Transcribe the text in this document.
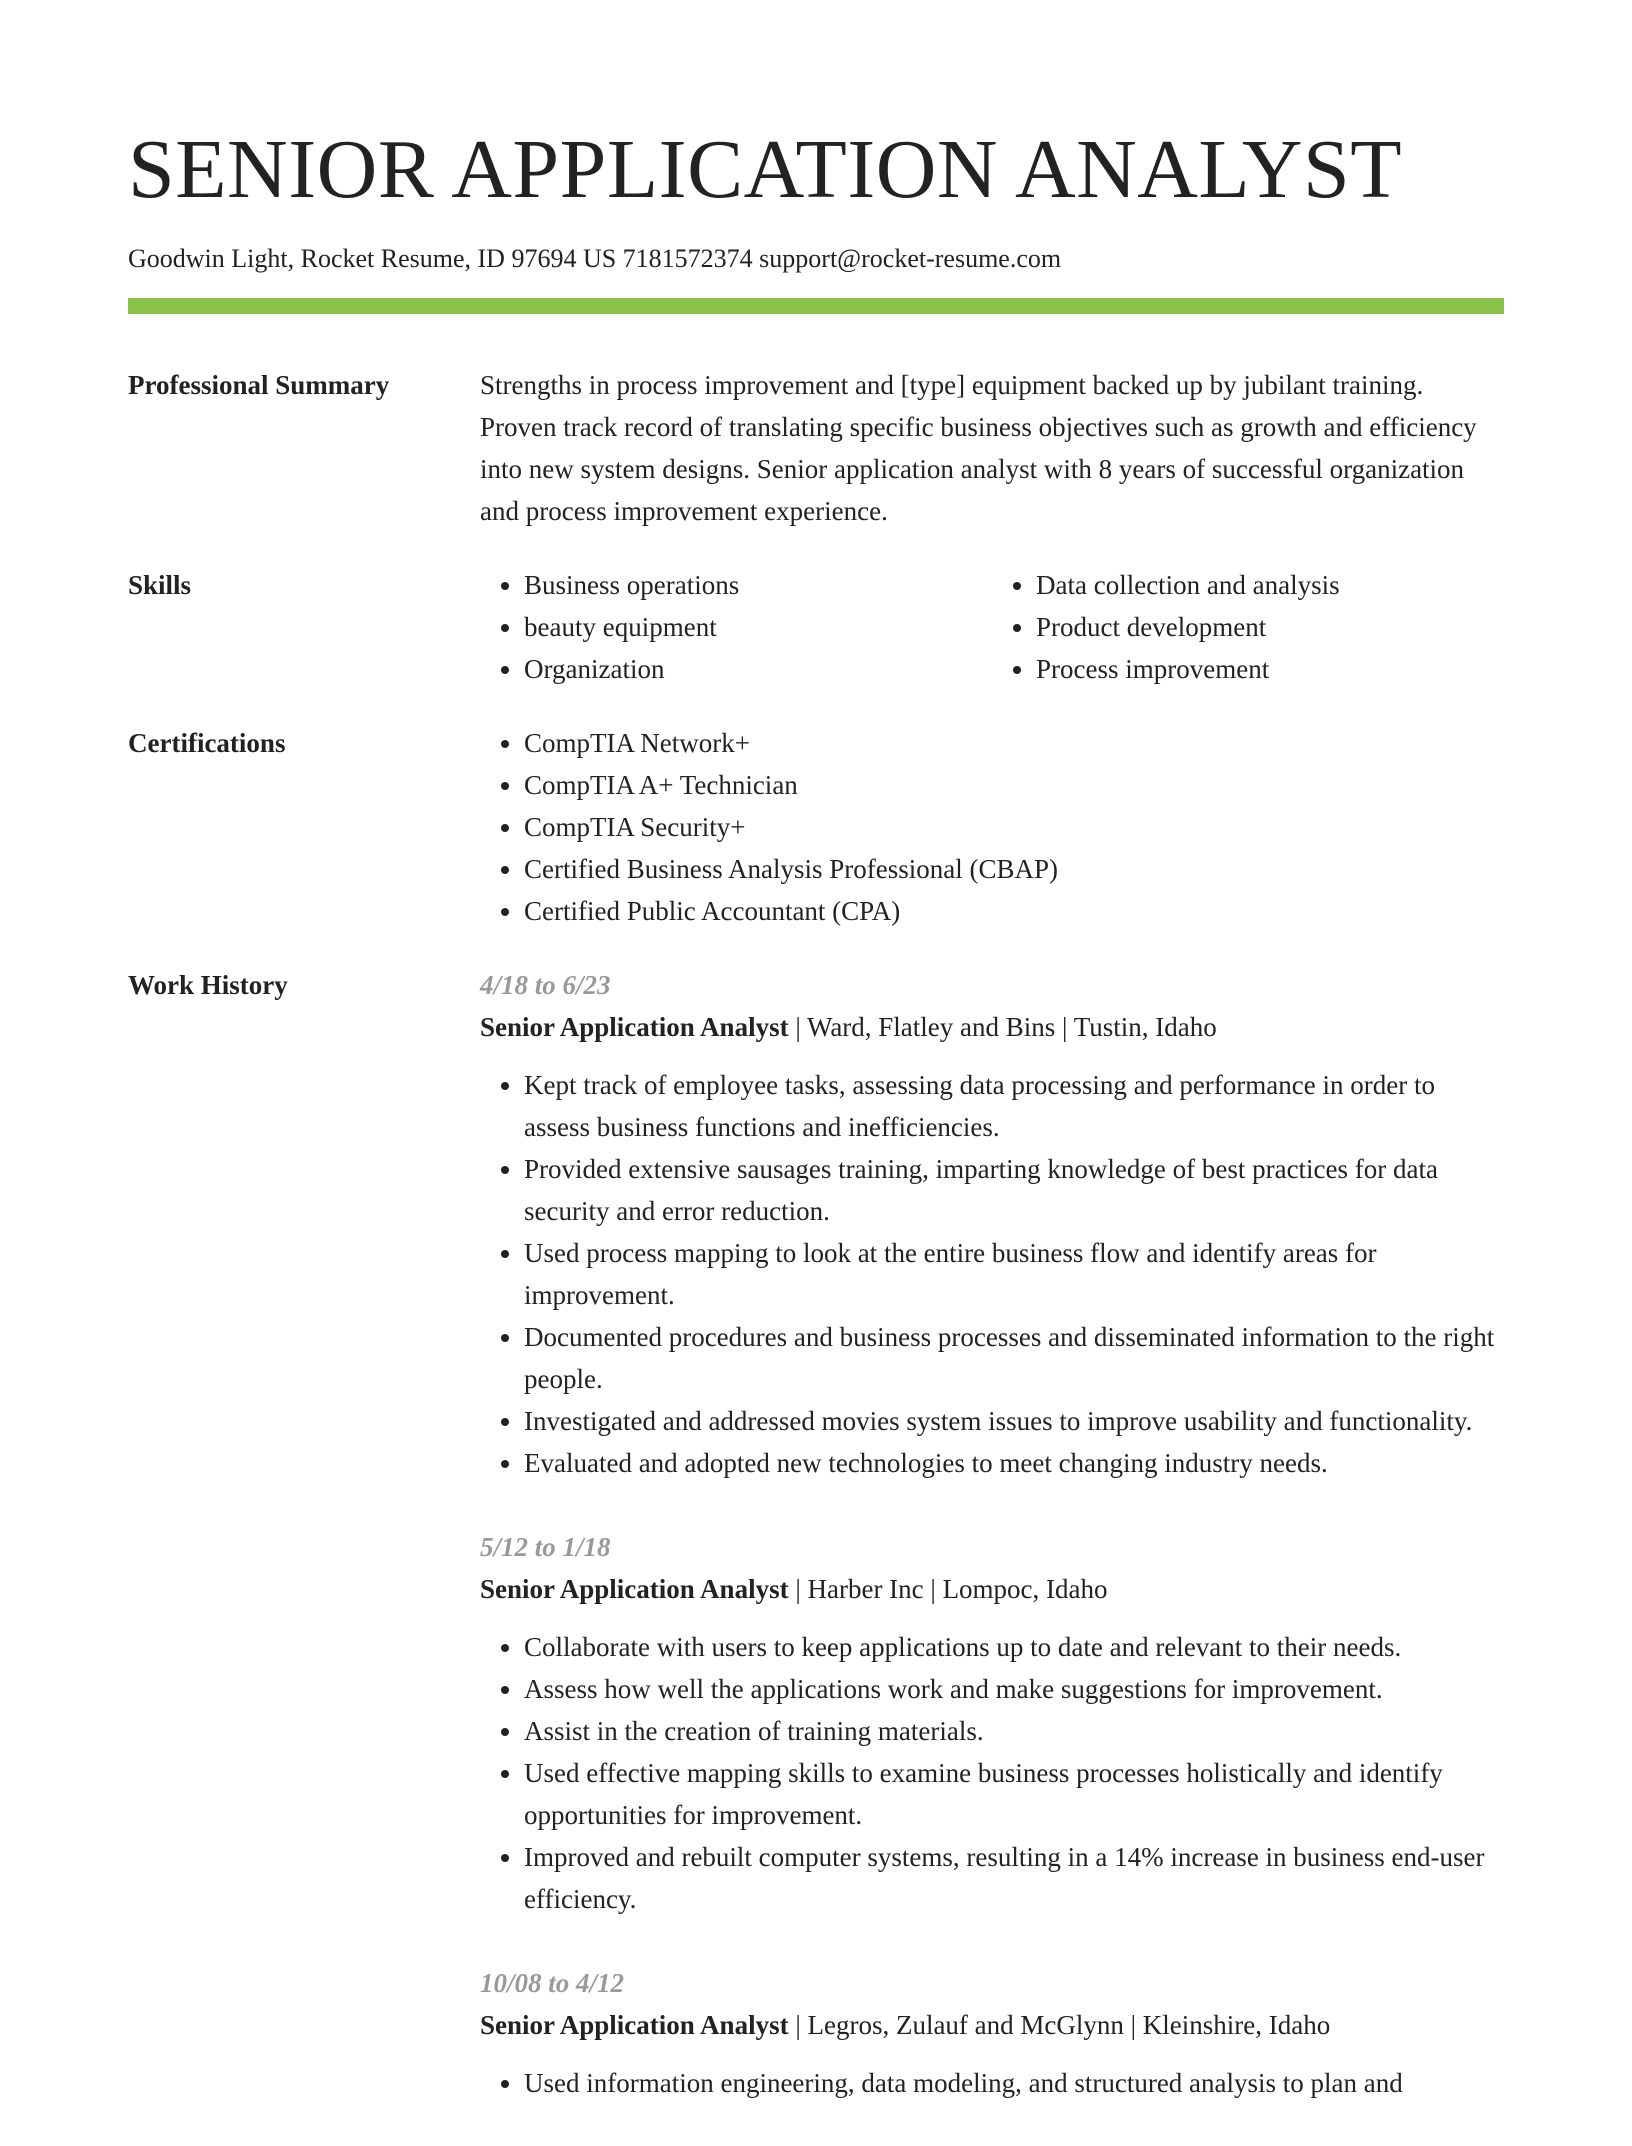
SENIOR APPLICATION ANALYST
Goodwin Light, Rocket Resume, ID 97694 US 7181572374 support@rocket-resume.com
Professional Summary	Strengths in process improvement and [type] equipment backed up by jubilant training. Proven track record of translating specific business objectives such as growth and efficiency into new system designs. Senior application analyst with 8 years of successful organization and process improvement experience.

Skills	• Business operations
• beauty equipment
• Organization
• Data collection and analysis
• Product development
• Process improvement
Certifications	• CompTIA Network+
• CompTIA A+ Technician
• CompTIA Security+
• Certified Business Analysis Professional (CBAP)
• Certified Public Accountant (CPA)
Work History	4/18 to 6/23
Senior Application Analyst | Ward, Flatley and Bins | Tustin, Idaho
• Kept track of employee tasks, assessing data processing and performance in order to assess business functions and inefficiencies.
• Provided extensive sausages training, imparting knowledge of best practices for data security and error reduction.
• Used process mapping to look at the entire business flow and identify areas for improvement.
• Documented procedures and business processes and disseminated information to the right people.
• Investigated and addressed movies system issues to improve usability and functionality.
• Evaluated and adopted new technologies to meet changing industry needs.
5/12 to 1/18
Senior Application Analyst | Harber Inc | Lompoc, Idaho
• Collaborate with users to keep applications up to date and relevant to their needs.
• Assess how well the applications work and make suggestions for improvement.
• Assist in the creation of training materials.
• Used effective mapping skills to examine business processes holistically and identify opportunities for improvement.
• Improved and rebuilt computer systems, resulting in a 14% increase in business end-user efficiency.
10/08 to 4/12
Senior Application Analyst | Legros, Zulauf and McGlynn | Kleinshire, Idaho
• Used information engineering, data modeling, and structured analysis to plan and
